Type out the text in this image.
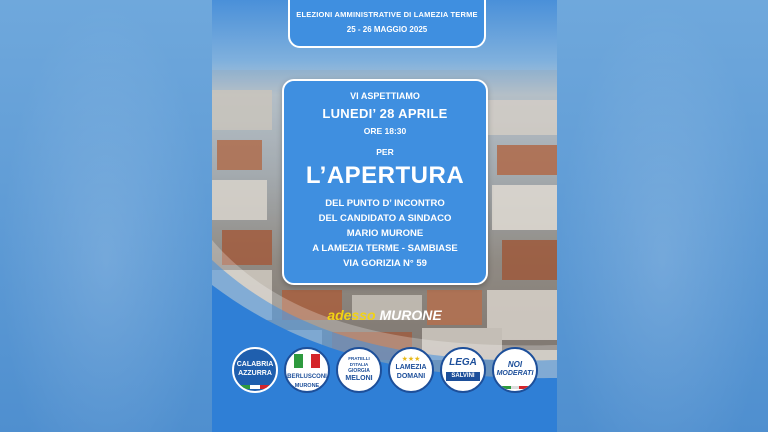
ELEZIONI AMMINISTRATIVE DI LAMEZIA TERME
25 - 26 MAGGIO 2025
VI ASPETTIAMO
LUNEDI’ 28 APRILE
ORE 18:30
PER
L’APERTURA
DEL PUNTO D’ INCONTRO
DEL CANDIDATO A SINDACO
MARIO MURONE
A LAMEZIA TERME - SAMBIASE
VIA GORIZIA N° 59
adesso MURONE
CALABRIA
AZZURRA	BERLUSCONI
MURONE
FRATELLI
D'ITALIA
GIORGIA
MELONI
★★★
LAMEZIA
DOMANI
LEGA
SALVINI
NOI
MODERATI
